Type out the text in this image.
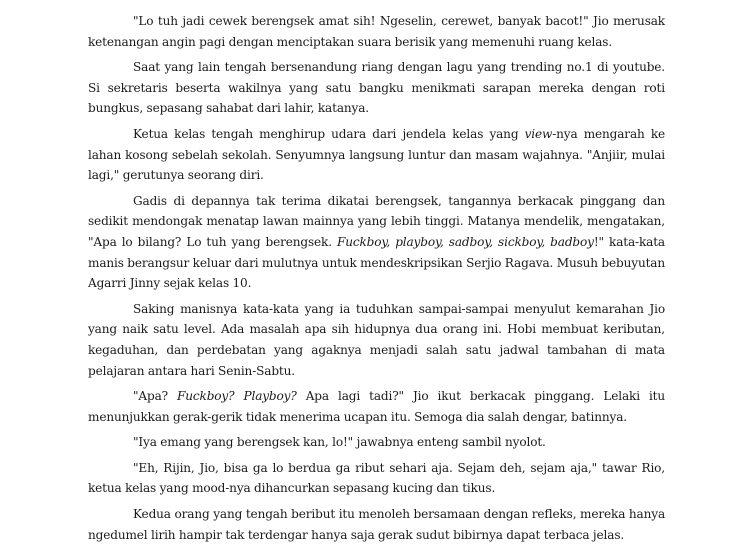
"Lo tuh jadi cewek berengsek amat sih! Ngeselin, cerewet, banyak bacot!" Jio merusak ketenangan angin pagi dengan menciptakan suara berisik yang memenuhi ruang kelas.

Saat yang lain tengah bersenandung riang dengan lagu yang trending no.1 di youtube. Si sekretaris beserta wakilnya yang satu bangku menikmati sarapan mereka dengan roti bungkus, sepasang sahabat dari lahir, katanya.

Ketua kelas tengah menghirup udara dari jendela kelas yang view-nya mengarah ke lahan kosong sebelah sekolah. Senyumnya langsung luntur dan masam wajahnya. "Anjiir, mulai lagi," gerutunya seorang diri.

Gadis di depannya tak terima dikatai berengsek, tangannya berkacak pinggang dan sedikit mendongak menatap lawan mainnya yang lebih tinggi. Matanya mendelik, mengatakan, "Apa lo bilang? Lo tuh yang berengsek. Fuckboy, playboy, sadboy, sickboy, badboy!" kata-kata manis berangsur keluar dari mulutnya untuk mendeskripsikan Serjio Ragava. Musuh bebuyutan Agarri Jinny sejak kelas 10.

Saking manisnya kata-kata yang ia tuduhkan sampai-sampai menyulut kemarahan Jio yang naik satu level. Ada masalah apa sih hidupnya dua orang ini. Hobi membuat keributan, kegaduhan, dan perdebatan yang agaknya menjadi salah satu jadwal tambahan di mata pelajaran antara hari Senin-Sabtu.

"Apa? Fuckboy? Playboy? Apa lagi tadi?" Jio ikut berkacak pinggang. Lelaki itu menunjukkan gerak-gerik tidak menerima ucapan itu. Semoga dia salah dengar, batinnya.

"Iya emang yang berengsek kan, lo!" jawabnya enteng sambil nyolot.

"Eh, Rijin, Jio, bisa ga lo berdua ga ribut sehari aja. Sejam deh, sejam aja," tawar Rio, ketua kelas yang mood-nya dihancurkan sepasang kucing dan tikus.

Kedua orang yang tengah beribut itu menoleh bersamaan dengan refleks, mereka hanya ngedumel lirih hampir tak terdengar hanya saja gerak sudut bibirnya dapat terbaca jelas.
